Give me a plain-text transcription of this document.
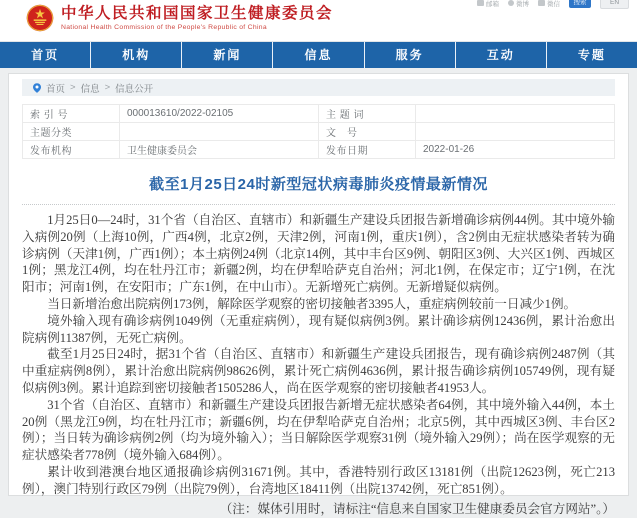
中华人民共和国国家卫生健康委员会
National Health Commission of the People's Republic of China
邮箱	微博	微信	搜索	EN
首页	机构	新闻	信息	服务	互动	专题
首页 > 信息 > 信息公开
索 引 号	000013610/2022-02105	主 题 词	
主题分类		文　号	
发布机构	卫生健康委员会	发布日期	2022-01-26
截至1月25日24时新型冠状病毒肺炎疫情最新情况

1月25日0—24时，31个省（自治区、直辖市）和新疆生产建设兵团报告新增确诊病例44例。其中境外输入病例20例（上海10例，广西4例，北京2例，天津2例，河南1例，重庆1例），含2例由无症状感染者转为确诊病例（天津1例，广西1例）；本土病例24例（北京14例，其中丰台区9例、朝阳区3例、大兴区1例、西城区1例；黑龙江4例，均在牡丹江市；新疆2例，均在伊犁哈萨克自治州；河北1例，在保定市；辽宁1例，在沈阳市；河南1例，在安阳市；广东1例，在中山市）。无新增死亡病例。无新增疑似病例。

当日新增治愈出院病例173例，解除医学观察的密切接触者3395人，重症病例较前一日减少1例。

境外输入现有确诊病例1049例（无重症病例），现有疑似病例3例。累计确诊病例12436例，累计治愈出院病例11387例，无死亡病例。

截至1月25日24时，据31个省（自治区、直辖市）和新疆生产建设兵团报告，现有确诊病例2487例（其中重症病例8例），累计治愈出院病例98626例，累计死亡病例4636例，累计报告确诊病例105749例，现有疑似病例3例。累计追踪到密切接触者1505286人，尚在医学观察的密切接触者41953人。

31个省（自治区、直辖市）和新疆生产建设兵团报告新增无症状感染者64例，其中境外输入44例，本土20例（黑龙江9例，均在牡丹江市；新疆6例，均在伊犁哈萨克自治州；北京5例，其中西城区3例、丰台区2例）；当日转为确诊病例2例（均为境外输入）；当日解除医学观察31例（境外输入29例）；尚在医学观察的无症状感染者778例（境外输入684例）。

累计收到港澳台地区通报确诊病例31671例。其中，香港特别行政区13181例（出院12623例，死亡213例），澳门特别行政区79例（出院79例），台湾地区18411例（出院13742例，死亡851例）。

（注：媒体引用时，请标注“信息来自国家卫生健康委员会官方网站”。）
